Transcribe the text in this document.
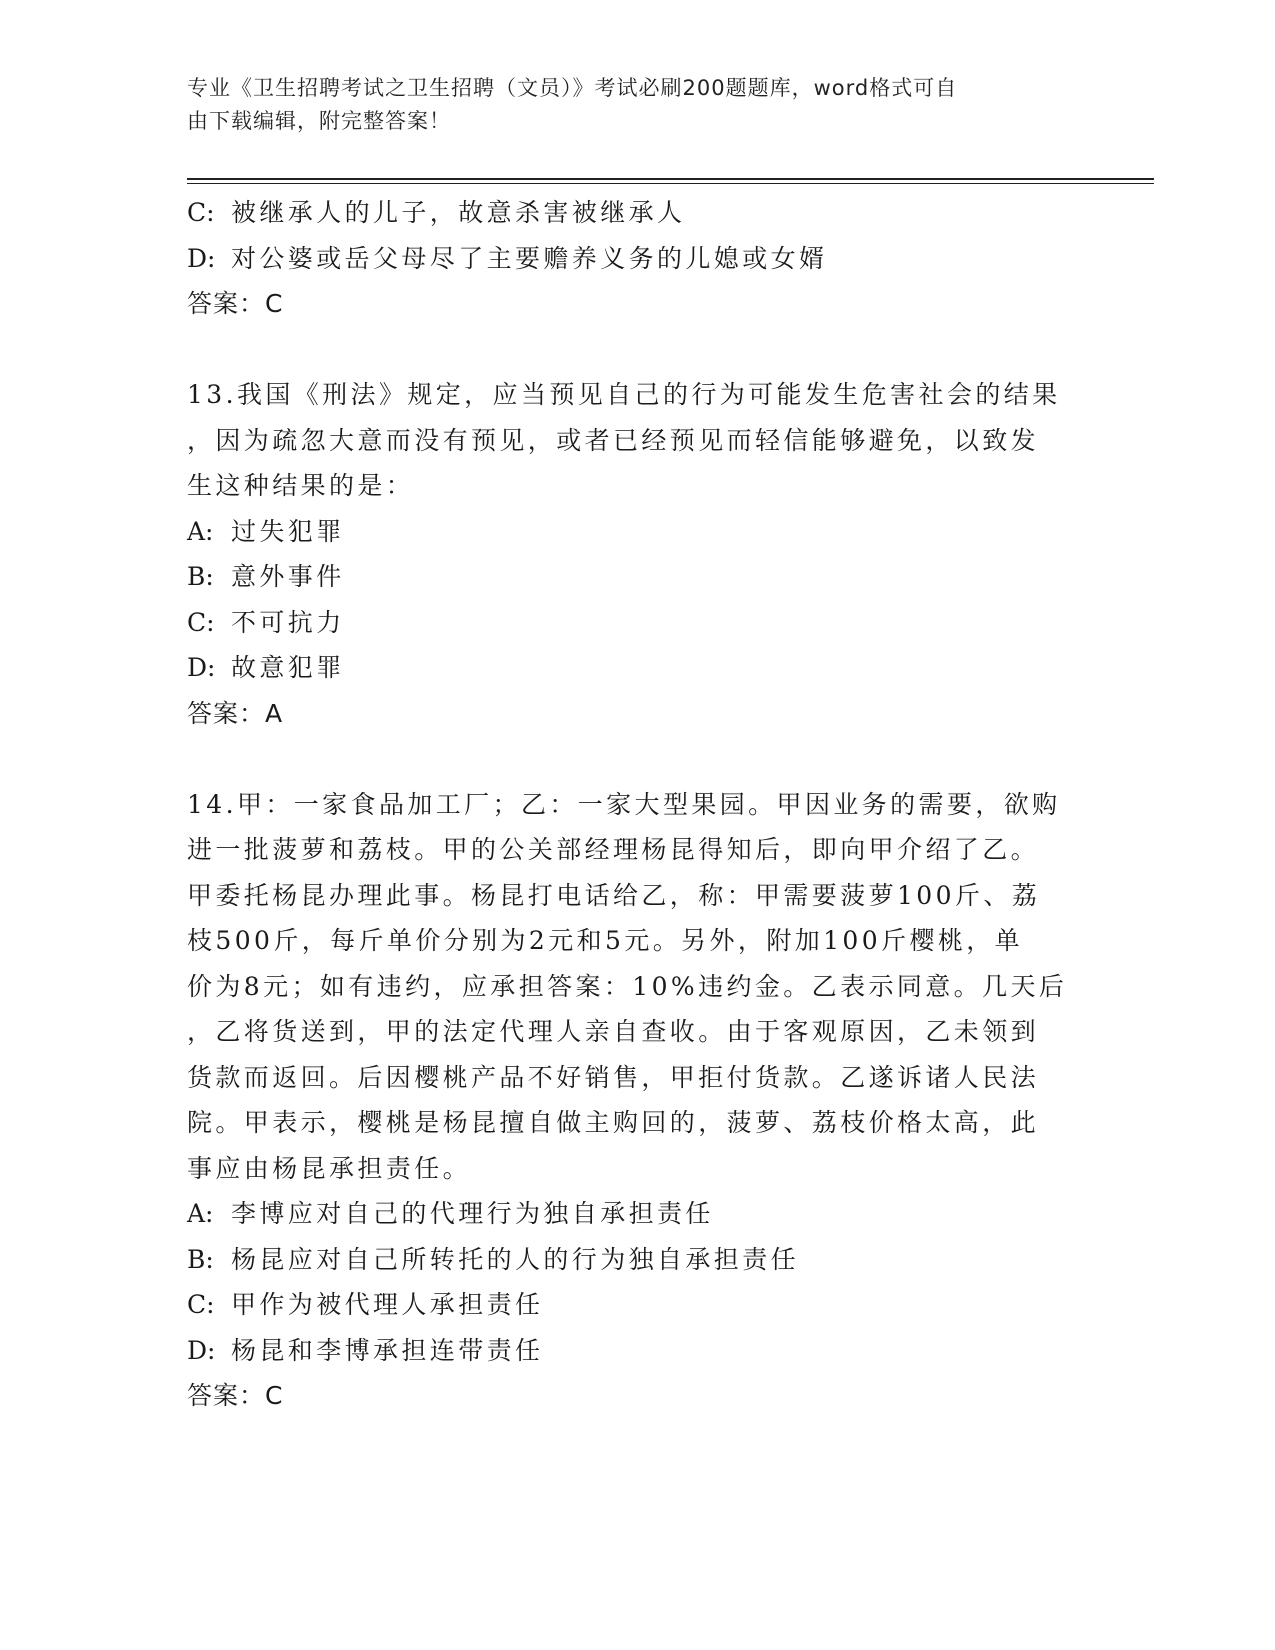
专业《卫生招聘考试之卫生招聘（文员）》考试必刷200题题库，word格式可自
由下载编辑，附完整答案！
C: 被继承人的儿子，故意杀害被继承人
D: 对公婆或岳父母尽了主要赡养义务的儿媳或女婿
答案：C
13.我国《刑法》规定，应当预见自己的行为可能发生危害社会的结果
，因为疏忽大意而没有预见，或者已经预见而轻信能够避免，以致发
生这种结果的是：
A: 过失犯罪
B: 意外事件
C: 不可抗力
D: 故意犯罪
答案：A
14.甲：一家食品加工厂；乙：一家大型果园。甲因业务的需要，欲购
进一批菠萝和荔枝。甲的公关部经理杨昆得知后，即向甲介绍了乙。
甲委托杨昆办理此事。杨昆打电话给乙，称：甲需要菠萝100斤、荔
枝500斤，每斤单价分别为2元和5元。另外，附加100斤樱桃，单
价为8元；如有违约，应承担答案：10%违约金。乙表示同意。几天后
，乙将货送到，甲的法定代理人亲自查收。由于客观原因，乙未领到
货款而返回。后因樱桃产品不好销售，甲拒付货款。乙遂诉诸人民法
院。甲表示，樱桃是杨昆擅自做主购回的，菠萝、荔枝价格太高，此
事应由杨昆承担责任。
A: 李博应对自己的代理行为独自承担责任
B: 杨昆应对自己所转托的人的行为独自承担责任
C: 甲作为被代理人承担责任
D: 杨昆和李博承担连带责任
答案：C
